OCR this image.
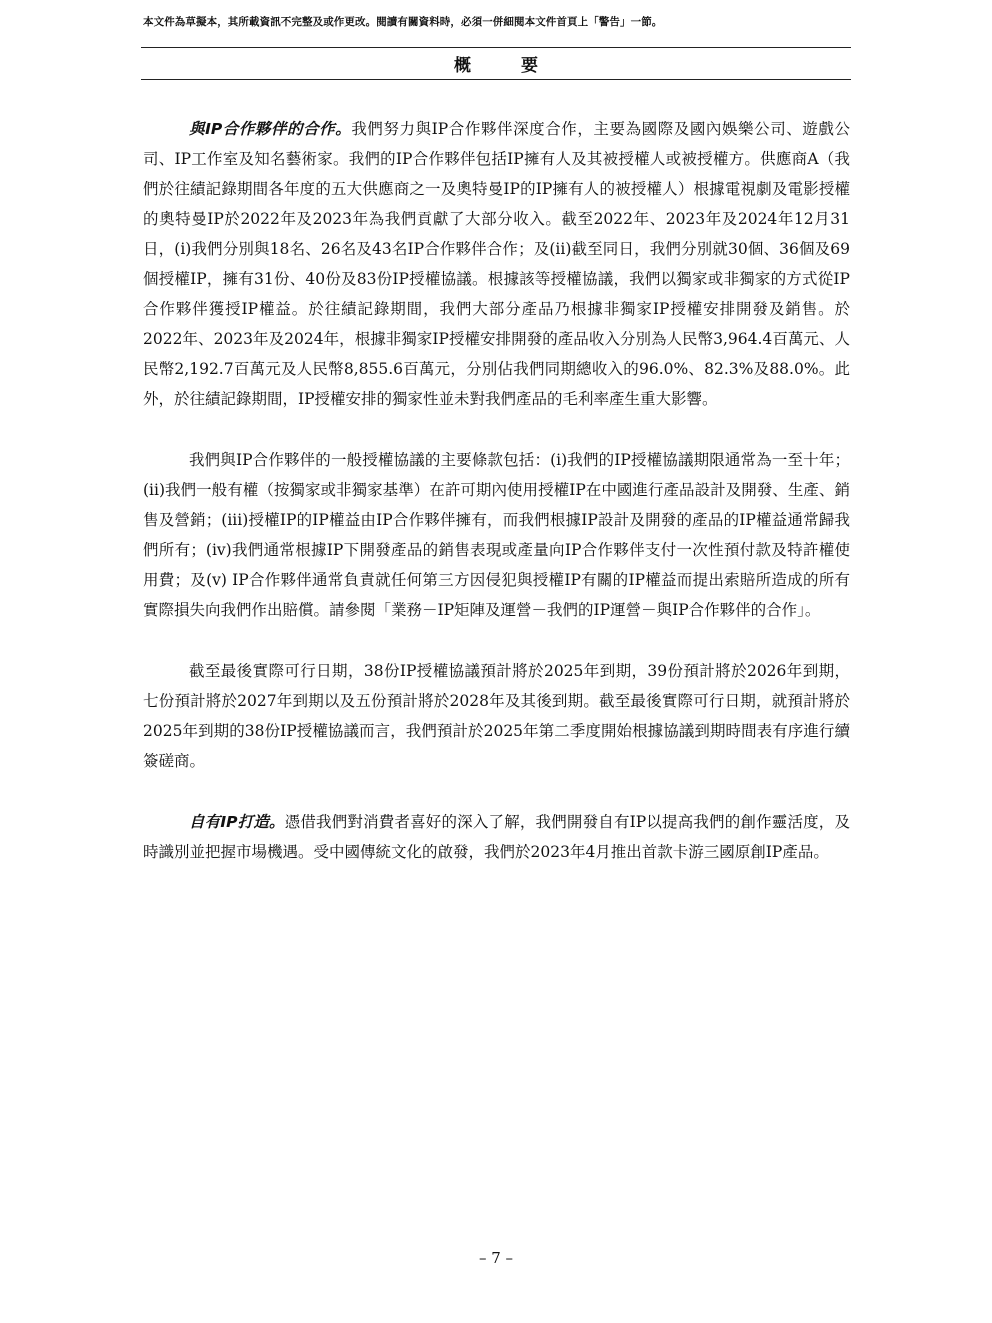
本文件為草擬本，其所載資訊不完整及或作更改。閱讀有關資料時，必須一併細閱本文件首頁上「警告」一節。
概 要

與IP合作夥伴的合作。我們努力與IP合作夥伴深度合作，主要為國際及國內娛樂公司、遊戲公司、IP工作室及知名藝術家。我們的IP合作夥伴包括IP擁有人及其被授權人或被授權方。供應商A（我們於往績記錄期間各年度的五大供應商之一及奧特曼IP的IP擁有人的被授權人）根據電視劇及電影授權的奧特曼IP於2022年及2023年為我們貢獻了大部分收入。截至2022年、2023年及2024年12月31日，(i)我們分別與18名、26名及43名IP合作夥伴合作；及(ii)截至同日，我們分別就30個、36個及69個授權IP，擁有31份、40份及83份IP授權協議。根據該等授權協議，我們以獨家或非獨家的方式從IP合作夥伴獲授IP權益。於往績記錄期間，我們大部分產品乃根據非獨家IP授權安排開發及銷售。於2022年、2023年及2024年，根據非獨家IP授權安排開發的產品收入分別為人民幣3,964.4百萬元、人民幣2,192.7百萬元及人民幣8,855.6百萬元，分別佔我們同期總收入的96.0%、82.3%及88.0%。此外，於往績記錄期間，IP授權安排的獨家性並未對我們產品的毛利率產生重大影響。

我們與IP合作夥伴的一般授權協議的主要條款包括：(i)我們的IP授權協議期限通常為一至十年；(ii)我們一般有權（按獨家或非獨家基準）在許可期內使用授權IP在中國進行產品設計及開發、生產、銷售及營銷；(iii)授權IP的IP權益由IP合作夥伴擁有，而我們根據IP設計及開發的產品的IP權益通常歸我們所有；(iv)我們通常根據IP下開發產品的銷售表現或產量向IP合作夥伴支付一次性預付款及特許權使用費；及(v) IP合作夥伴通常負責就任何第三方因侵犯與授權IP有關的IP權益而提出索賠所造成的所有實際損失向我們作出賠償。請參閱「業務－IP矩陣及運營－我們的IP運營－與IP合作夥伴的合作」。

截至最後實際可行日期，38份IP授權協議預計將於2025年到期，39份預計將於2026年到期，七份預計將於2027年到期以及五份預計將於2028年及其後到期。截至最後實際可行日期，就預計將於2025年到期的38份IP授權協議而言，我們預計於2025年第二季度開始根據協議到期時間表有序進行續簽磋商。

自有IP打造。憑借我們對消費者喜好的深入了解，我們開發自有IP以提高我們的創作靈活度，及時識別並把握市場機遇。受中國傳統文化的啟發，我們於2023年4月推出首款卡游三國原創IP產品。

– 7 –
